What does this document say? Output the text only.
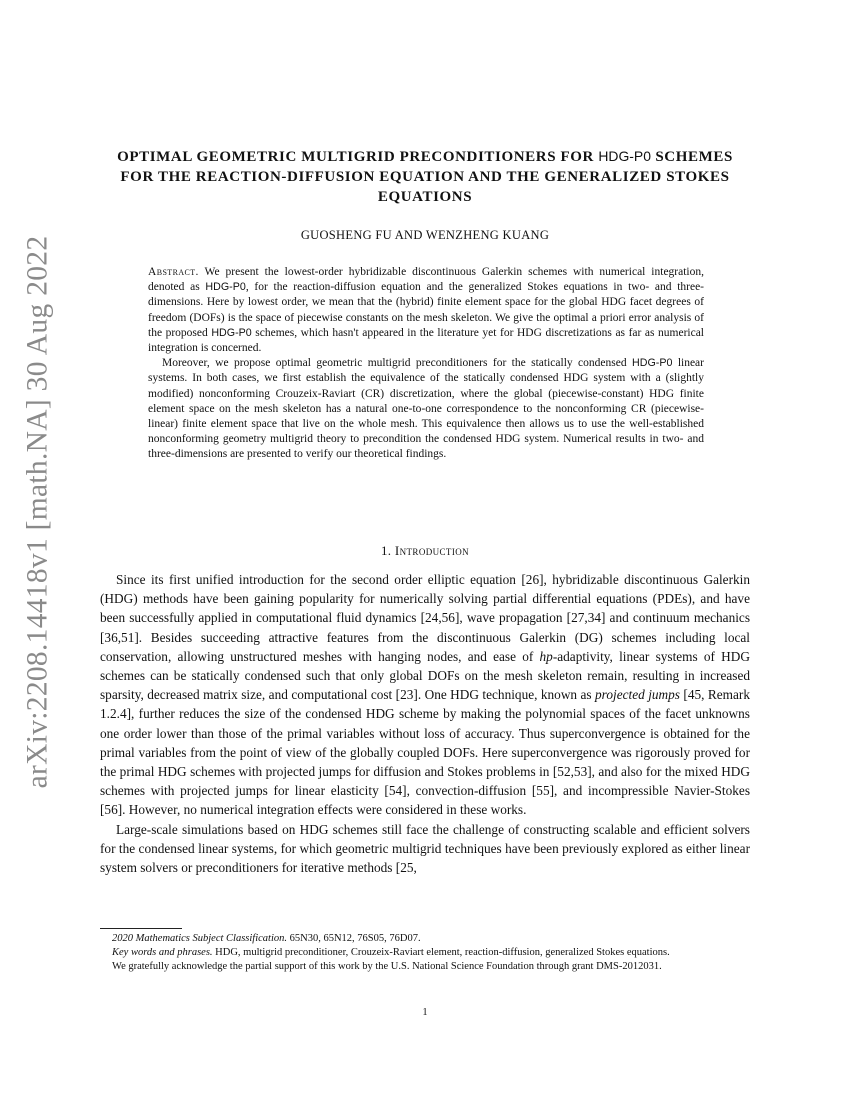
arXiv:2208.14418v1 [math.NA] 30 Aug 2022
OPTIMAL GEOMETRIC MULTIGRID PRECONDITIONERS FOR HDG-P0 SCHEMES FOR THE REACTION-DIFFUSION EQUATION AND THE GENERALIZED STOKES EQUATIONS
GUOSHENG FU AND WENZHENG KUANG

Abstract. We present the lowest-order hybridizable discontinuous Galerkin schemes with numerical integration, denoted as HDG-P0, for the reaction-diffusion equation and the generalized Stokes equations in two- and three-dimensions. Here by lowest order, we mean that the (hybrid) finite element space for the global HDG facet degrees of freedom (DOFs) is the space of piecewise constants on the mesh skeleton. We give the optimal a priori error analysis of the proposed HDG-P0 schemes, which hasn't appeared in the literature yet for HDG discretizations as far as numerical integration is concerned.

Moreover, we propose optimal geometric multigrid preconditioners for the statically condensed HDG-P0 linear systems. In both cases, we first establish the equivalence of the statically condensed HDG system with a (slightly modified) nonconforming Crouzeix-Raviart (CR) discretization, where the global (piecewise-constant) HDG finite element space on the mesh skeleton has a natural one-to-one correspondence to the nonconforming CR (piecewise-linear) finite element space that live on the whole mesh. This equivalence then allows us to use the well-established nonconforming geometry multigrid theory to precondition the condensed HDG system. Numerical results in two- and three-dimensions are presented to verify our theoretical findings.

1. Introduction

Since its first unified introduction for the second order elliptic equation [26], hybridizable discontinuous Galerkin (HDG) methods have been gaining popularity for numerically solving partial differential equations (PDEs), and have been successfully applied in computational fluid dynamics [24,56], wave propagation [27,34] and continuum mechanics [36,51]. Besides succeeding attractive features from the discontinuous Galerkin (DG) schemes including local conservation, allowing unstructured meshes with hanging nodes, and ease of hp-adaptivity, linear systems of HDG schemes can be statically condensed such that only global DOFs on the mesh skeleton remain, resulting in increased sparsity, decreased matrix size, and computational cost [23]. One HDG technique, known as projected jumps [45, Remark 1.2.4], further reduces the size of the condensed HDG scheme by making the polynomial spaces of the facet unknowns one order lower than those of the primal variables without loss of accuracy. Thus superconvergence is obtained for the primal variables from the point of view of the globally coupled DOFs. Here superconvergence was rigorously proved for the primal HDG schemes with projected jumps for diffusion and Stokes problems in [52,53], and also for the mixed HDG schemes with projected jumps for linear elasticity [54], convection-diffusion [55], and incompressible Navier-Stokes [56]. However, no numerical integration effects were considered in these works.

Large-scale simulations based on HDG schemes still face the challenge of constructing scalable and efficient solvers for the condensed linear systems, for which geometric multigrid techniques have been previously explored as either linear system solvers or preconditioners for iterative methods [25,

2020 Mathematics Subject Classification. 65N30, 65N12, 76S05, 76D07.

Key words and phrases. HDG, multigrid preconditioner, Crouzeix-Raviart element, reaction-diffusion, generalized Stokes equations.

We gratefully acknowledge the partial support of this work by the U.S. National Science Foundation through grant DMS-2012031.

1
